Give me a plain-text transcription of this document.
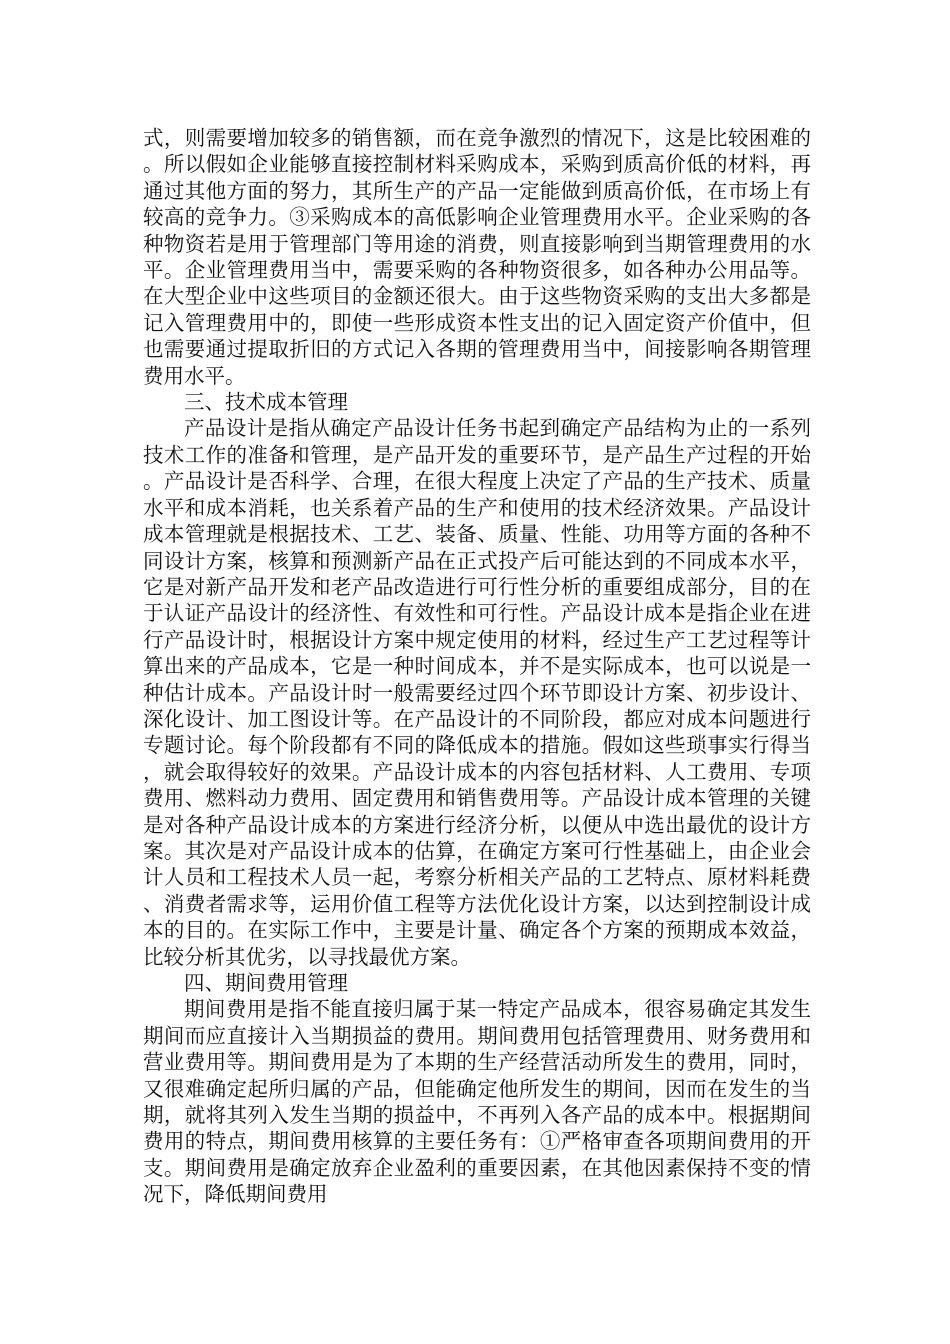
式，则需要增加较多的销售额，而在竞争激烈的情况下，这是比较困难的。所以假如企业能够直接控制材料采购成本，采购到质高价低的材料，再通过其他方面的努力，其所生产的产品一定能做到质高价低，在市场上有较高的竞争力。③采购成本的高低影响企业管理费用水平。企业采购的各种物资若是用于管理部门等用途的消费，则直接影响到当期管理费用的水平。企业管理费用当中，需要采购的各种物资很多，如各种办公用品等。在大型企业中这些项目的金额还很大。由于这些物资采购的支出大多都是记入管理费用中的，即使一些形成资本性支出的记入固定资产价值中，但也需要通过提取折旧的方式记入各期的管理费用当中，间接影响各期管理费用水平。

三、技术成本管理

产品设计是指从确定产品设计任务书起到确定产品结构为止的一系列技术工作的准备和管理，是产品开发的重要环节，是产品生产过程的开始。产品设计是否科学、合理，在很大程度上决定了产品的生产技术、质量水平和成本消耗，也关系着产品的生产和使用的技术经济效果。产品设计成本管理就是根据技术、工艺、装备、质量、性能、功用等方面的各种不同设计方案，核算和预测新产品在正式投产后可能达到的不同成本水平，它是对新产品开发和老产品改造进行可行性分析的重要组成部分，目的在于认证产品设计的经济性、有效性和可行性。产品设计成本是指企业在进行产品设计时，根据设计方案中规定使用的材料，经过生产工艺过程等计算出来的产品成本，它是一种时间成本，并不是实际成本，也可以说是一种估计成本。产品设计时一般需要经过四个环节即设计方案、初步设计、深化设计、加工图设计等。在产品设计的不同阶段，都应对成本问题进行专题讨论。每个阶段都有不同的降低成本的措施。假如这些琐事实行得当，就会取得较好的效果。产品设计成本的内容包括材料、人工费用、专项费用、燃料动力费用、固定费用和销售费用等。产品设计成本管理的关键是对各种产品设计成本的方案进行经济分析，以便从中选出最优的设计方案。其次是对产品设计成本的估算，在确定方案可行性基础上，由企业会计人员和工程技术人员一起，考察分析相关产品的工艺特点、原材料耗费、消费者需求等，运用价值工程等方法优化设计方案，以达到控制设计成本的目的。在实际工作中，主要是计量、确定各个方案的预期成本效益，比较分析其优劣，以寻找最优方案。

四、期间费用管理

期间费用是指不能直接归属于某一特定产品成本，很容易确定其发生期间而应直接计入当期损益的费用。期间费用包括管理费用、财务费用和营业费用等。期间费用是为了本期的生产经营活动所发生的费用，同时，又很难确定起所归属的产品，但能确定他所发生的期间，因而在发生的当期，就将其列入发生当期的损益中，不再列入各产品的成本中。根据期间费用的特点，期间费用核算的主要任务有：①严格审查各项期间费用的开支。期间费用是确定放弃企业盈利的重要因素，在其他因素保持不变的情况下，降低期间费用
